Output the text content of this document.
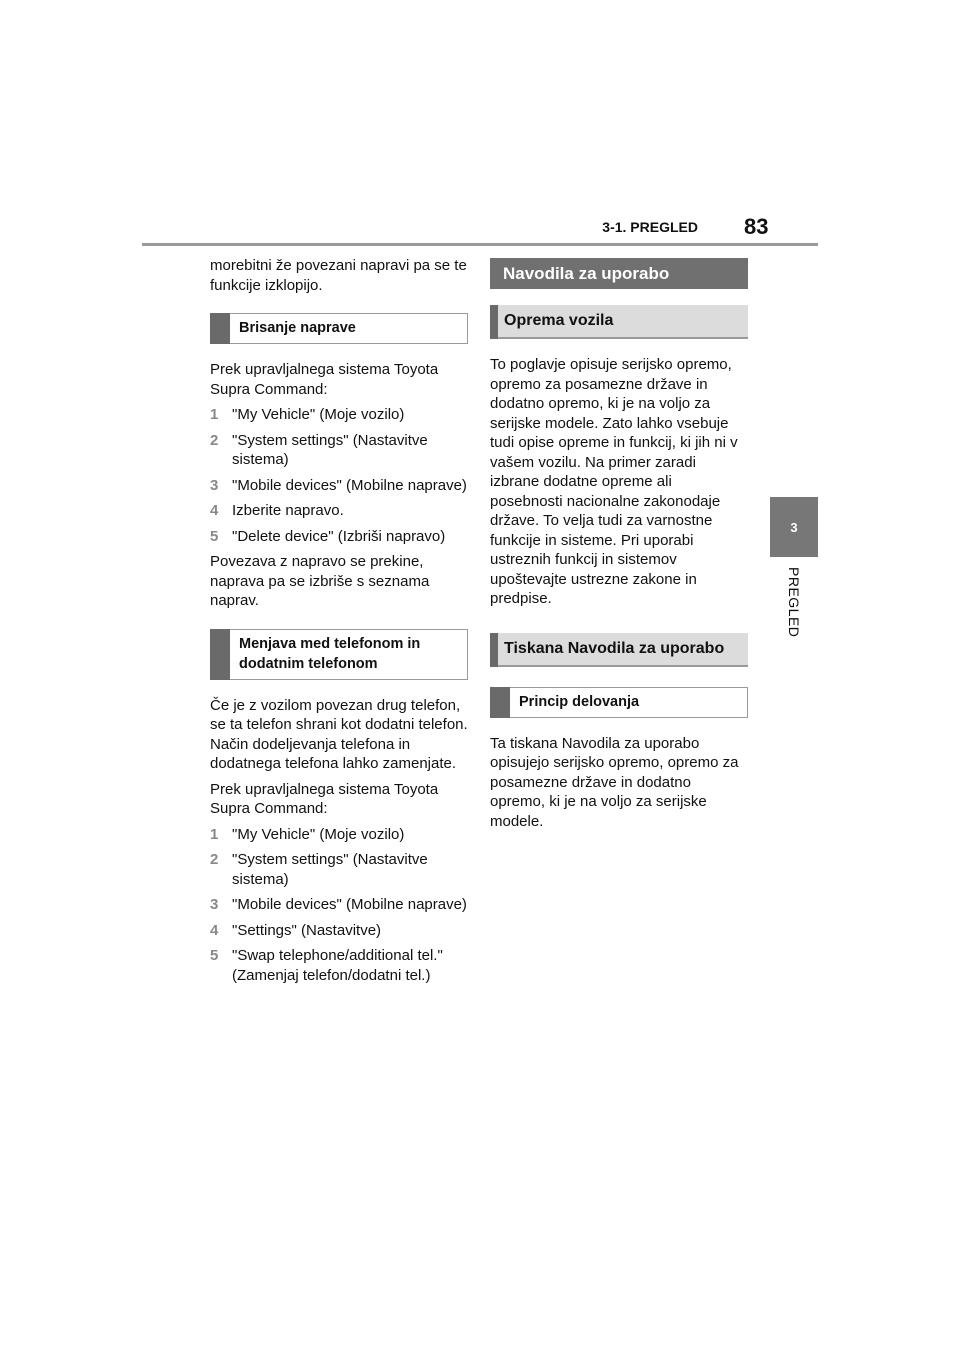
3-1. PREGLED 83
3
PREGLED

morebitni že povezani napravi pa se te funkcije izklopijo.

Brisanje naprave

Prek upravljalnega sistema Toyota Supra Command:

1 "My Vehicle" (Moje vozilo)
2 "System settings" (Nastavitve sistema)
3 "Mobile devices" (Mobilne naprave)
4 Izberite napravo.
5 "Delete device" (Izbriši napravo)

Povezava z napravo se prekine, naprava pa se izbriše s seznama naprav.

Menjava med telefonom in dodatnim telefonom

Če je z vozilom povezan drug telefon, se ta telefon shrani kot dodatni telefon. Način dodeljevanja telefona in dodatnega telefona lahko zamenjate.

Prek upravljalnega sistema Toyota Supra Command:

1 "My Vehicle" (Moje vozilo)
2 "System settings" (Nastavitve sistema)
3 "Mobile devices" (Mobilne naprave)
4 "Settings" (Nastavitve)
5 "Swap telephone/additional tel." (Zamenjaj telefon/dodatni tel.)
Navodila za uporabo
Oprema vozila

To poglavje opisuje serijsko opremo, opremo za posamezne države in dodatno opremo, ki je na voljo za serijske modele. Zato lahko vsebuje tudi opise opreme in funkcij, ki jih ni v vašem vozilu. Na primer zaradi izbrane dodatne opreme ali posebnosti nacionalne zakonodaje države. To velja tudi za varnostne funkcije in sisteme. Pri uporabi ustreznih funkcij in sistemov upoštevajte ustrezne zakone in predpise.

Tiskana Navodila za uporabo
Princip delovanja

Ta tiskana Navodila za uporabo opisujejo serijsko opremo, opremo za posamezne države in dodatno opremo, ki je na voljo za serijske modele.
